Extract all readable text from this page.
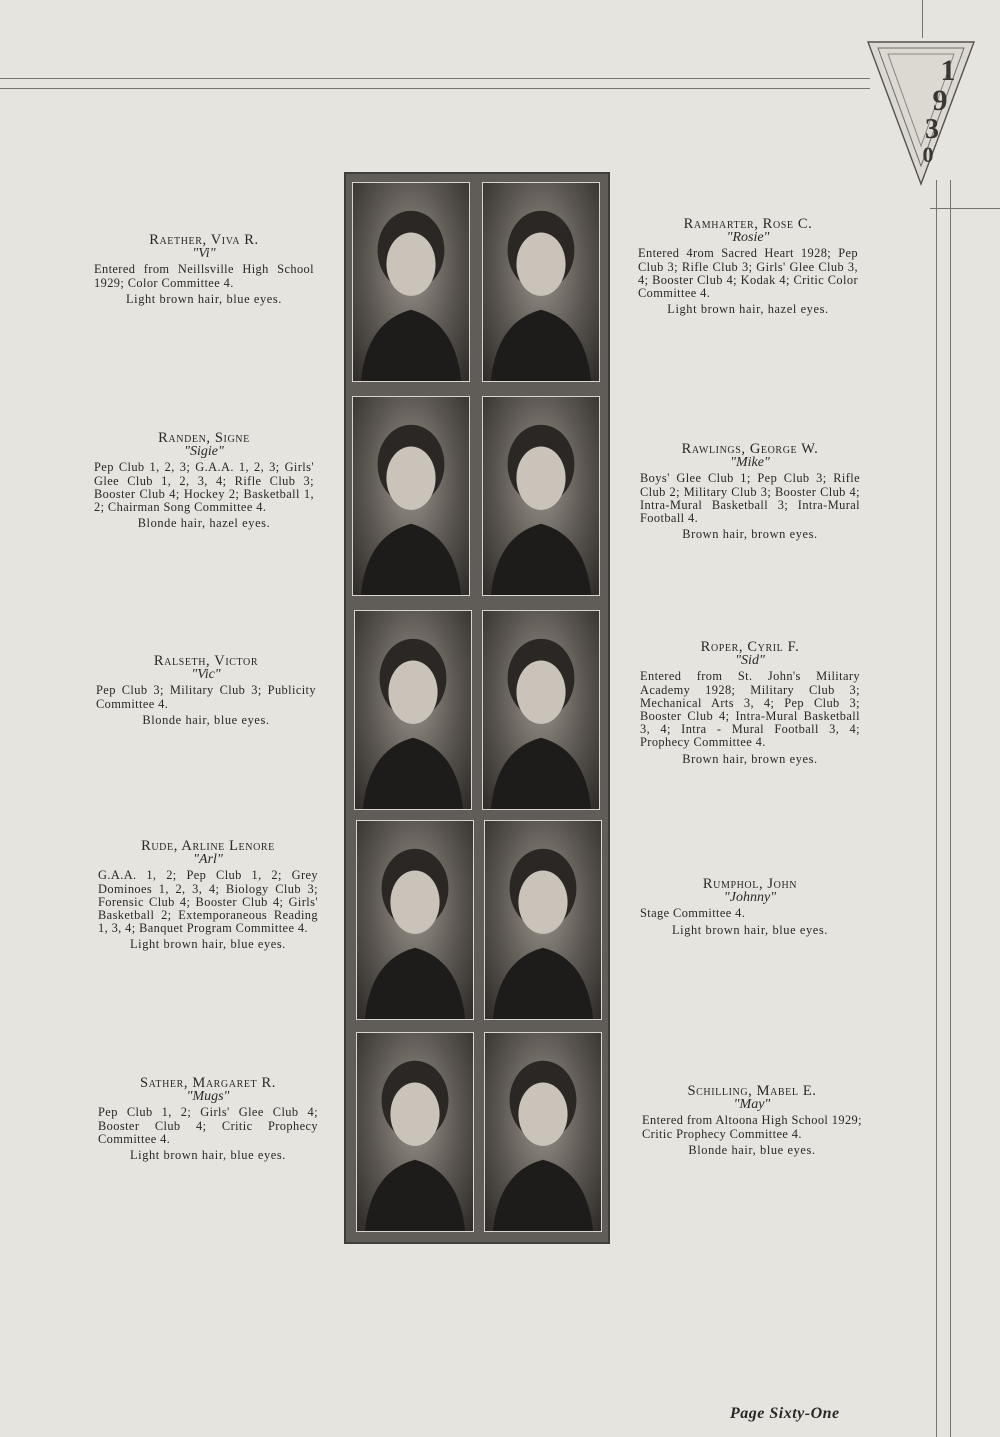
1
9
3
0
Raether, Viva R.
"Vi"
Entered from Neillsville High School 1929; Color Committee 4.
Light brown hair, blue eyes.
Randen, Signe
"Sigie"
Pep Club 1, 2, 3; G.A.A. 1, 2, 3; Girls' Glee Club 1, 2, 3, 4; Rifle Club 3; Booster Club 4; Hockey 2; Basketball 1, 2; Chairman Song Committee 4.
Blonde hair, hazel eyes.
Ralseth, Victor
"Vic"
Pep Club 3; Military Club 3; Publicity Committee 4.
Blonde hair, blue eyes.
Rude, Arline Lenore
"Arl"
G.A.A. 1, 2; Pep Club 1, 2; Grey Dominoes 1, 2, 3, 4; Biology Club 3; Forensic Club 4; Booster Club 4; Girls' Basketball 2; Extemporaneous Reading 1, 3, 4; Banquet Program Committee 4.
Light brown hair, blue eyes.
Sather, Margaret R.
"Mugs"
Pep Club 1, 2; Girls' Glee Club 4; Booster Club 4; Critic Prophecy Committee 4.
Light brown hair, blue eyes.
Ramharter, Rose C.
"Rosie"
Entered 4rom Sacred Heart 1928; Pep Club 3; Rifle Club 3; Girls' Glee Club 3, 4; Booster Club 4; Kodak 4; Critic Color Committee 4.
Light brown hair, hazel eyes.
Rawlings, George W.
"Mike"
Boys' Glee Club 1; Pep Club 3; Rifle Club 2; Military Club 3; Booster Club 4; Intra-Mural Basketball 3; Intra-Mural Football 4.
Brown hair, brown eyes.
Roper, Cyril F.
"Sid"
Entered from St. John's Military Academy 1928; Military Club 3; Mechanical Arts 3, 4; Pep Club 3; Booster Club 4; Intra-Mural Basketball 3, 4; Intra - Mural Football 3, 4; Prophecy Committee 4.
Brown hair, brown eyes.
Rumphol, John
"Johnny"
Stage Committee 4.
Light brown hair, blue eyes.
Schilling, Mabel E.
"May"
Entered from Altoona High School 1929; Critic Prophecy Committee 4.
Blonde hair, blue eyes.
Page Sixty-One
